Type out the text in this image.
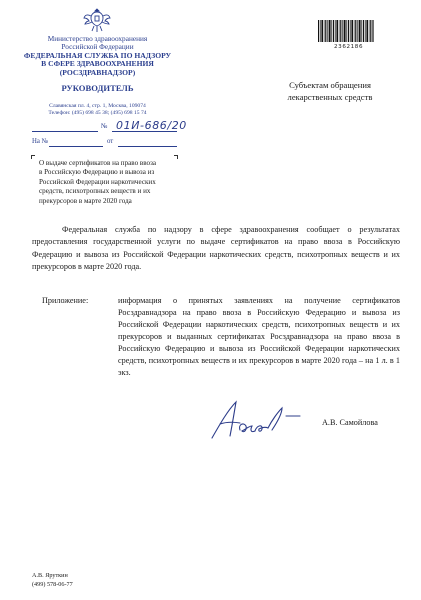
Министерство здравоохранения
Российской Федерации
ФЕДЕРАЛЬНАЯ СЛУЖБА ПО НАДЗОРУ
В СФЕРЕ ЗДРАВООХРАНЕНИЯ
(РОСЗДРАВНАДЗОР)
РУКОВОДИТЕЛЬ
Славянская пл. 4, стр. 1, Москва, 109074
Телефон: (495) 698 45 38; (495) 698 15 74
№ 01И-686/20
На №	от
О выдаче сертификатов на право ввоза
в Российскую Федерацию и вывоза из
Российской Федерации наркотических
средств, психотропных веществ и их
прекурсоров в марте 2020 года
2362186
Субъектам обращения
лекарственных средств
Федеральная служба по надзору в сфере здравоохранения сообщает о результатах предоставления государственной услуги по выдаче сертификатов на право ввоза в Российскую Федерацию и вывоза из Российской Федерации наркотических средств, психотропных веществ и их прекурсоров в марте 2020 года.
Приложение:	информация о принятых заявлениях на получение сертификатов Росздравнадзора на право ввоза в Российскую Федерацию и вывоза из Российской Федерации наркотических средств, психотропных веществ и их прекурсоров и выданных сертификатах Росздравнадзора на право ввоза в Российскую Федерацию и вывоза из Российской Федерации наркотических средств, психотропных веществ и их прекурсоров в марте 2020 года – на 1 л. в 1 экз.
А.В. Самойлова
А.В. Яруткин
(499) 578-06-77
